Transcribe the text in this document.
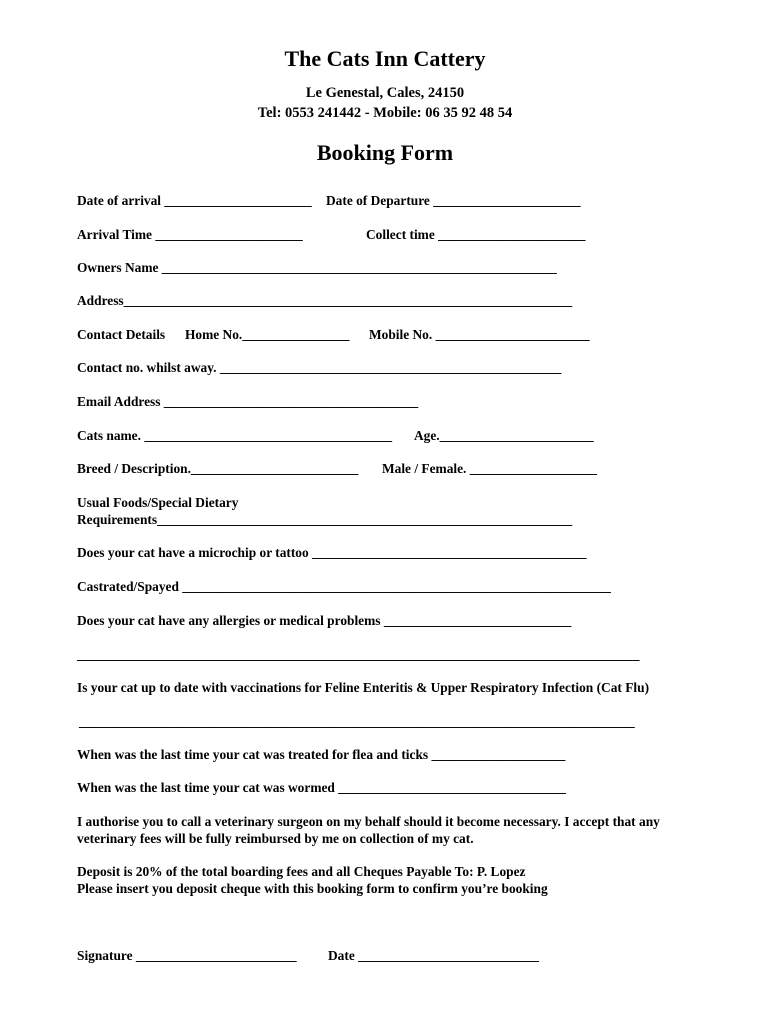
The Cats Inn Cattery
Le Genestal, Cales, 24150
Tel: 0553 241442 - Mobile: 06 35 92 48 54
Booking Form
Date of arrival ______________________ Date of Departure ______________________
Arrival Time ______________________	Collect time ______________________
Owners Name ___________________________________________________________
Address___________________________________________________________________
Contact Details Home No.________________ Mobile No. _______________________
Contact no. whilst away. ___________________________________________________
Email Address ______________________________________
Cats name. _____________________________________ Age._______________________
Breed / Description._________________________ Male / Female. ___________________
Usual Foods/Special Dietary
Requirements______________________________________________________________
Does your cat have a microchip or tattoo _________________________________________
Castrated/Spayed ________________________________________________________________
Does your cat have any allergies or medical problems ____________________________
____________________________________________________________________________________
Is your cat up to date with vaccinations for Feline Enteritis & Upper Respiratory Infection (Cat Flu)
___________________________________________________________________________________
When was the last time your cat was treated for flea and ticks ____________________
When was the last time your cat was wormed __________________________________
I authorise you to call a veterinary surgeon on my behalf should it become necessary. I accept that any
veterinary fees will be fully reimbursed by me on collection of my cat.
Deposit is 20% of the total boarding fees and all Cheques Payable To: P. Lopez
Please insert you deposit cheque with this booking form to confirm you’re booking
Signature ________________________ Date ___________________________
